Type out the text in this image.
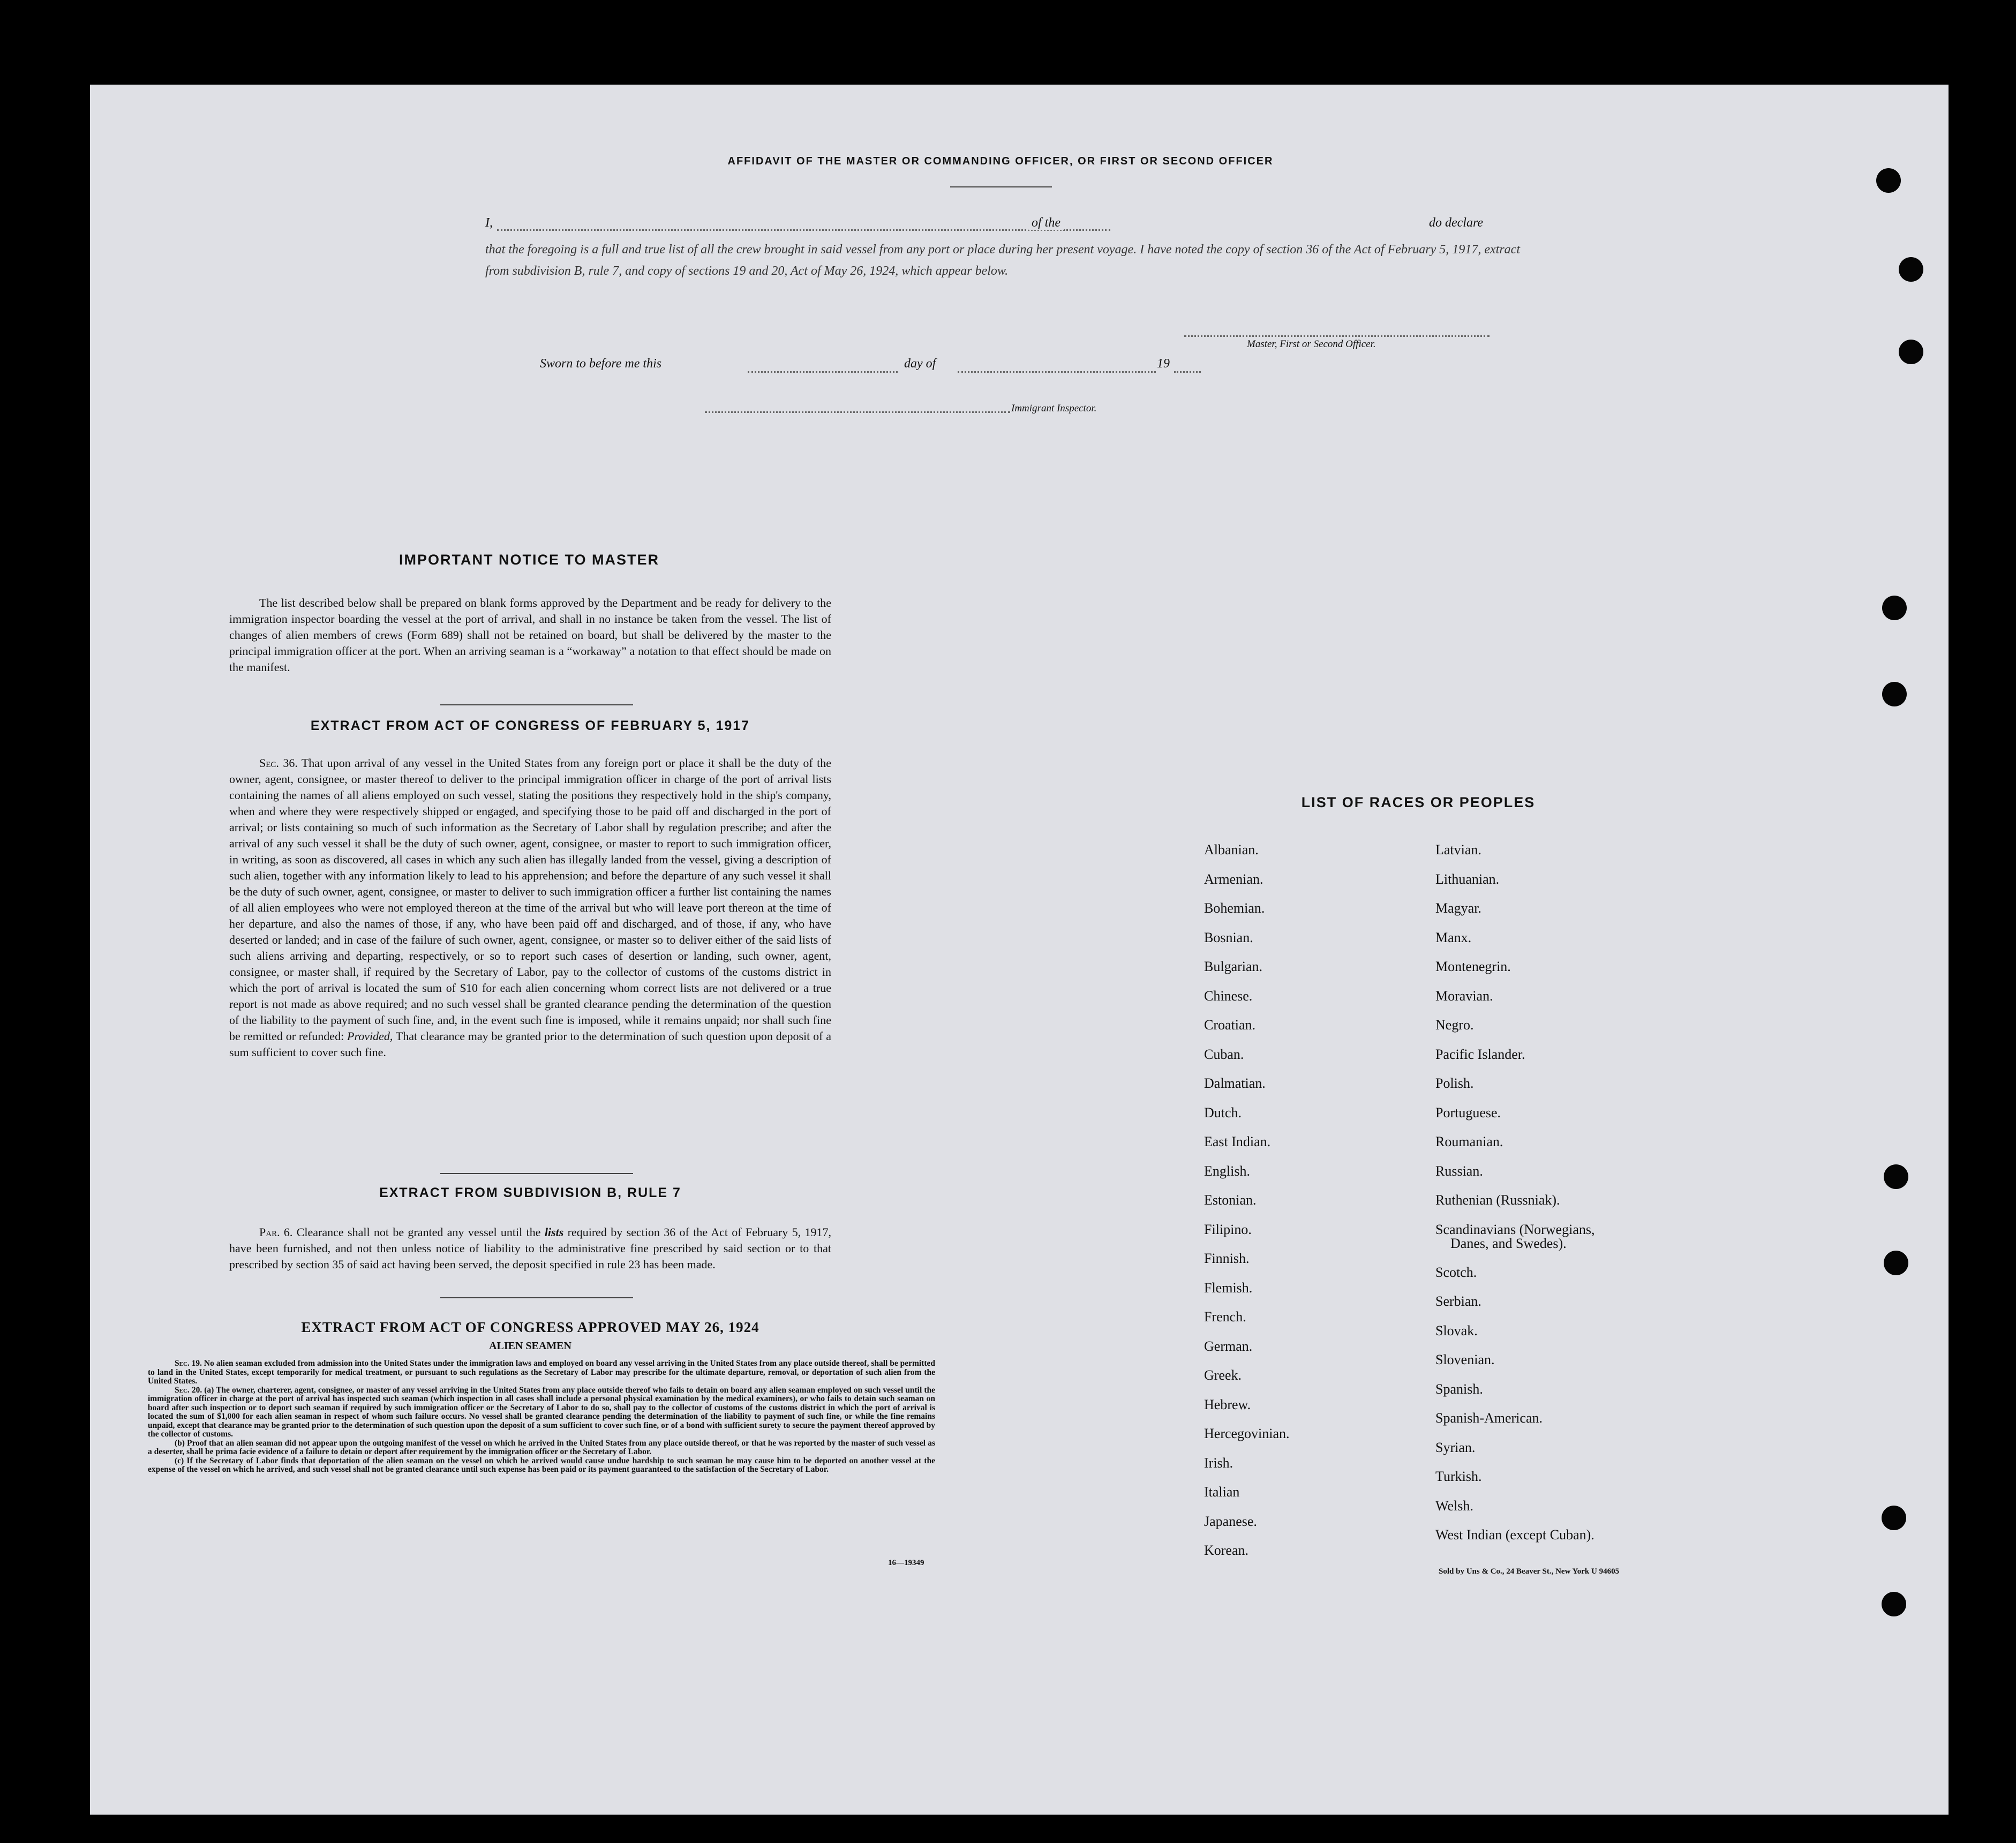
AFFIDAVIT OF THE MASTER OR COMMANDING OFFICER, OR FIRST OR SECOND OFFICER
I,	of the	do declare
that the foregoing is a full and true list of all the crew brought in said vessel from any port or place during her present voyage. I have noted the copy of section 36 of the Act of February 5, 1917, extract from subdivision B, rule 7, and copy of sections 19 and 20, Act of May 26, 1924, which appear below.
Master, First or Second Officer.
Sworn to before me this	day of	19
Immigrant Inspector.
IMPORTANT NOTICE TO MASTER
The list described below shall be prepared on blank forms approved by the Department and be ready for delivery to the immigration inspector boarding the vessel at the port of arrival, and shall in no instance be taken from the vessel. The list of changes of alien members of crews (Form 689) shall not be retained on board, but shall be delivered by the master to the principal immigration officer at the port. When an arriving seaman is a “workaway” a notation to that effect should be made on the manifest.
EXTRACT FROM ACT OF CONGRESS OF FEBRUARY 5, 1917
Sec. 36. That upon arrival of any vessel in the United States from any foreign port or place it shall be the duty of the owner, agent, consignee, or master thereof to deliver to the principal immigration officer in charge of the port of arrival lists containing the names of all aliens employed on such vessel, stating the positions they respectively hold in the ship's company, when and where they were respectively shipped or engaged, and specifying those to be paid off and discharged in the port of arrival; or lists containing so much of such information as the Secretary of Labor shall by regulation prescribe; and after the arrival of any such vessel it shall be the duty of such owner, agent, consignee, or master to report to such immigration officer, in writing, as soon as discovered, all cases in which any such alien has illegally landed from the vessel, giving a description of such alien, together with any information likely to lead to his apprehension; and before the departure of any such vessel it shall be the duty of such owner, agent, consignee, or master to deliver to such immigration officer a further list containing the names of all alien employees who were not employed thereon at the time of the arrival but who will leave port thereon at the time of her departure, and also the names of those, if any, who have been paid off and discharged, and of those, if any, who have deserted or landed; and in case of the failure of such owner, agent, consignee, or master so to deliver either of the said lists of such aliens arriving and departing, respectively, or so to report such cases of desertion or landing, such owner, agent, consignee, or master shall, if required by the Secretary of Labor, pay to the collector of customs of the customs district in which the port of arrival is located the sum of $10 for each alien concerning whom correct lists are not delivered or a true report is not made as above required; and no such vessel shall be granted clearance pending the determination of the question of the liability to the payment of such fine, and, in the event such fine is imposed, while it remains unpaid; nor shall such fine be remitted or refunded: Provided, That clearance may be granted prior to the determination of such question upon deposit of a sum sufficient to cover such fine.
EXTRACT FROM SUBDIVISION B, RULE 7
Par. 6. Clearance shall not be granted any vessel until the lists required by section 36 of the Act of February 5, 1917, have been furnished, and not then unless notice of liability to the administrative fine prescribed by said section or to that prescribed by section 35 of said act having been served, the deposit specified in rule 23 has been made.
EXTRACT FROM ACT OF CONGRESS APPROVED MAY 26, 1924
ALIEN SEAMEN
Sec. 19. No alien seaman excluded from admission into the United States under the immigration laws and employed on board any vessel arriving in the United States from any place outside thereof, shall be permitted to land in the United States, except temporarily for medical treatment, or pursuant to such regulations as the Secretary of Labor may prescribe for the ultimate departure, removal, or deportation of such alien from the United States.
Sec. 20. (a) The owner, charterer, agent, consignee, or master of any vessel arriving in the United States from any place outside thereof who fails to detain on board any alien seaman employed on such vessel until the immigration officer in charge at the port of arrival has inspected such seaman (which inspection in all cases shall include a personal physical examination by the medical examiners), or who fails to detain such seaman on board after such inspection or to deport such seaman if required by such immigration officer or the Secretary of Labor to do so, shall pay to the collector of customs of the customs district in which the port of arrival is located the sum of $1,000 for each alien seaman in respect of whom such failure occurs. No vessel shall be granted clearance pending the determination of the liability to payment of such fine, or while the fine remains unpaid, except that clearance may be granted prior to the determination of such question upon the deposit of a sum sufficient to cover such fine, or of a bond with sufficient surety to secure the payment thereof approved by the collector of customs.
(b) Proof that an alien seaman did not appear upon the outgoing manifest of the vessel on which he arrived in the United States from any place outside thereof, or that he was reported by the master of such vessel as a deserter, shall be prima facie evidence of a failure to detain or deport after requirement by the immigration officer or the Secretary of Labor.
(c) If the Secretary of Labor finds that deportation of the alien seaman on the vessel on which he arrived would cause undue hardship to such seaman he may cause him to be deported on another vessel at the expense of the vessel on which he arrived, and such vessel shall not be granted clearance until such expense has been paid or its payment guaranteed to the satisfaction of the Secretary of Labor.
16—19349
LIST OF RACES OR PEOPLES
Albanian.
Armenian.
Bohemian.
Bosnian.
Bulgarian.
Chinese.
Croatian.
Cuban.
Dalmatian.
Dutch.
East Indian.
English.
Estonian.
Filipino.
Finnish.
Flemish.
French.
German.
Greek.
Hebrew.
Hercegovinian.
Irish.
Italian
Japanese.
Korean.
Latvian.
Lithuanian.
Magyar.
Manx.
Montenegrin.
Moravian.
Negro.
Pacific Islander.
Polish.
Portuguese.
Roumanian.
Russian.
Ruthenian (Russniak).
Scandinavians (Norwegians,
Danes, and Swedes).
Scotch.
Serbian.
Slovak.
Slovenian.
Spanish.
Spanish-American.
Syrian.
Turkish.
Welsh.
West Indian (except Cuban).
Sold by Uns & Co., 24 Beaver St., New York U 94605
